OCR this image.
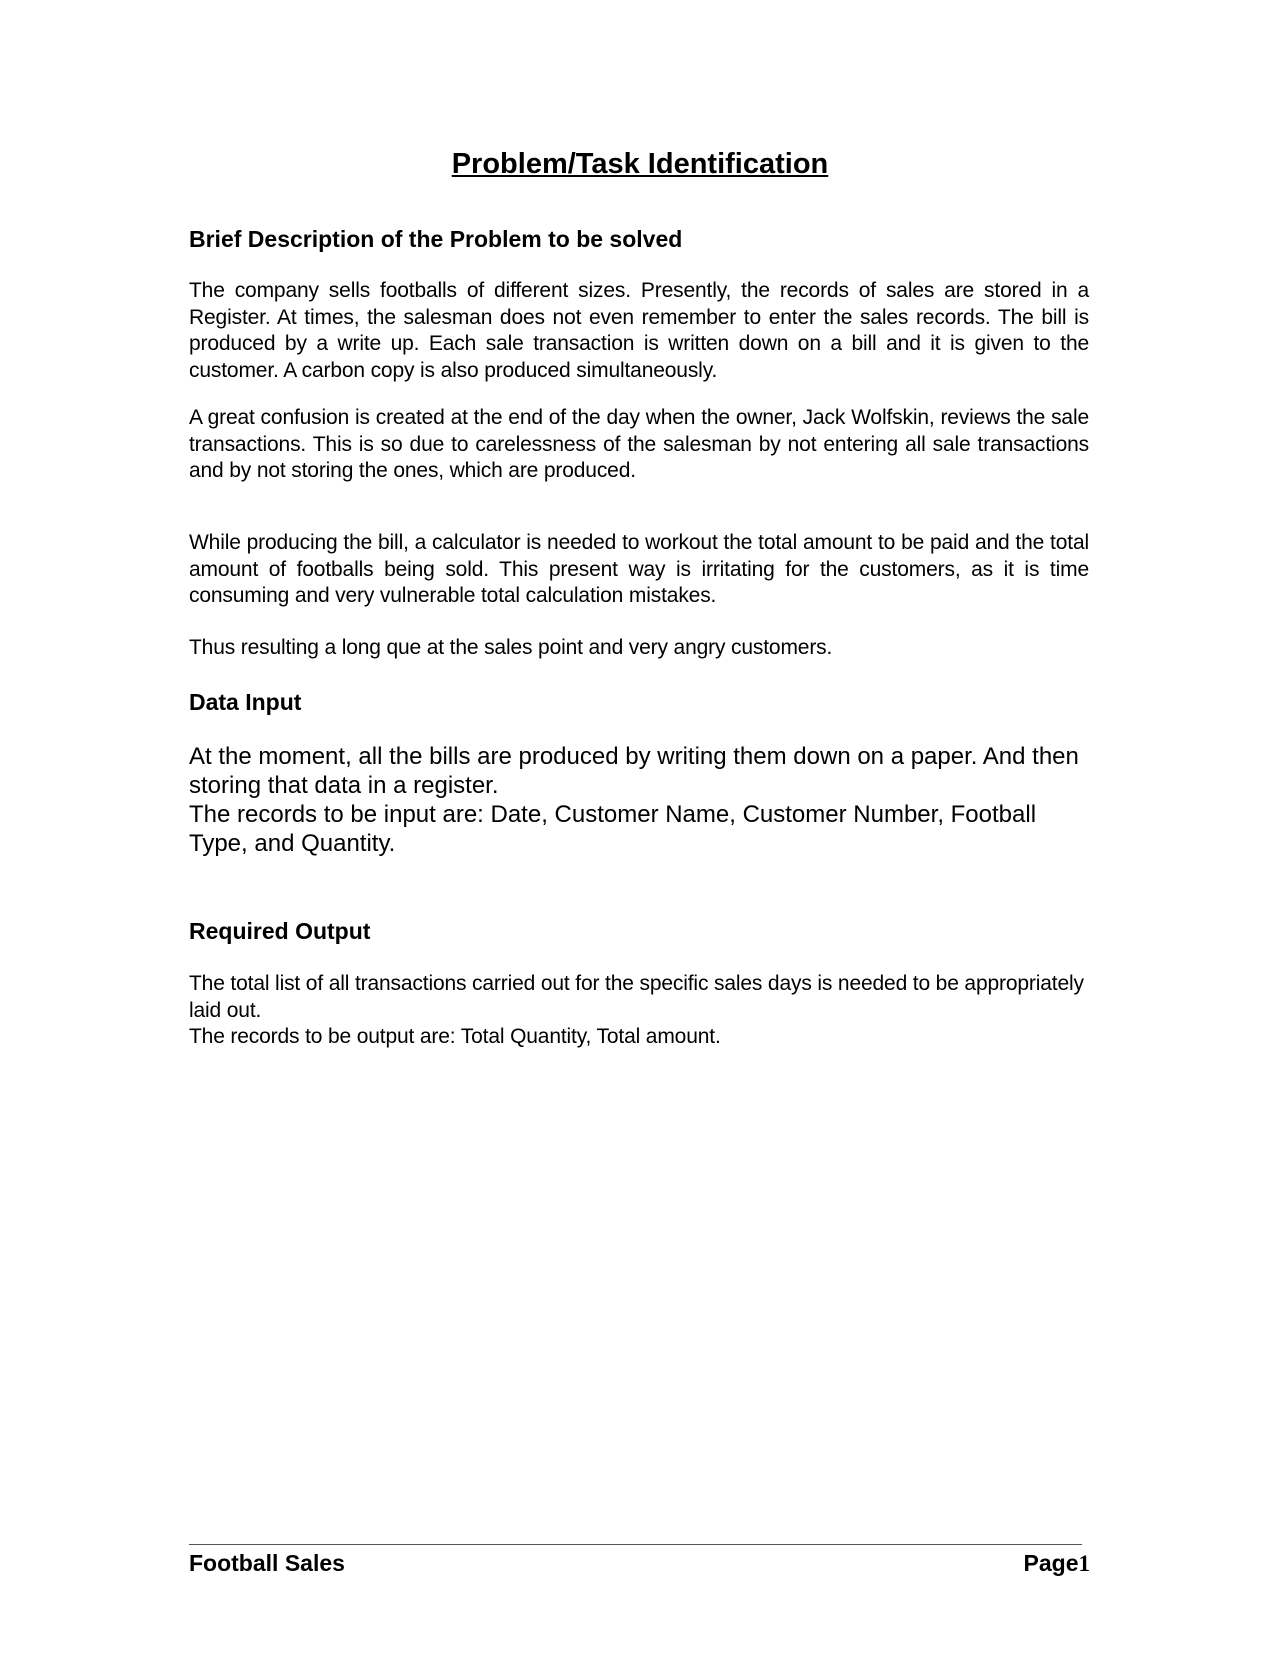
Problem/Task Identification
Brief Description of the Problem to be solved

The company sells footballs of different sizes. Presently, the records of sales are stored in a Register. At times, the salesman does not even remember to enter the sales records. The bill is produced by a write up. Each sale transaction is written down on a bill and it is given to the customer. A carbon copy is also produced simultaneously.

A great confusion is created at the end of the day when the owner, Jack Wolfskin, reviews the sale transactions. This is so due to carelessness of the salesman by not entering all sale transactions and by not storing the ones, which are produced.

While producing the bill, a calculator is needed to workout the total amount to be paid and the total amount of footballs being sold. This present way is irritating for the customers, as it is time consuming and very vulnerable total calculation mistakes.

Thus resulting a long que at the sales point and very angry customers.

Data Input

At the moment, all the bills are produced by writing them down on a paper. And then storing that data in a register.

The records to be input are: Date, Customer Name, Customer Number, Football Type, and Quantity.

Required Output

The total list of all transactions carried out for the specific sales days is needed to be appropriately laid out.

The records to be output are: Total Quantity, Total amount.

Football Sales	Page1
